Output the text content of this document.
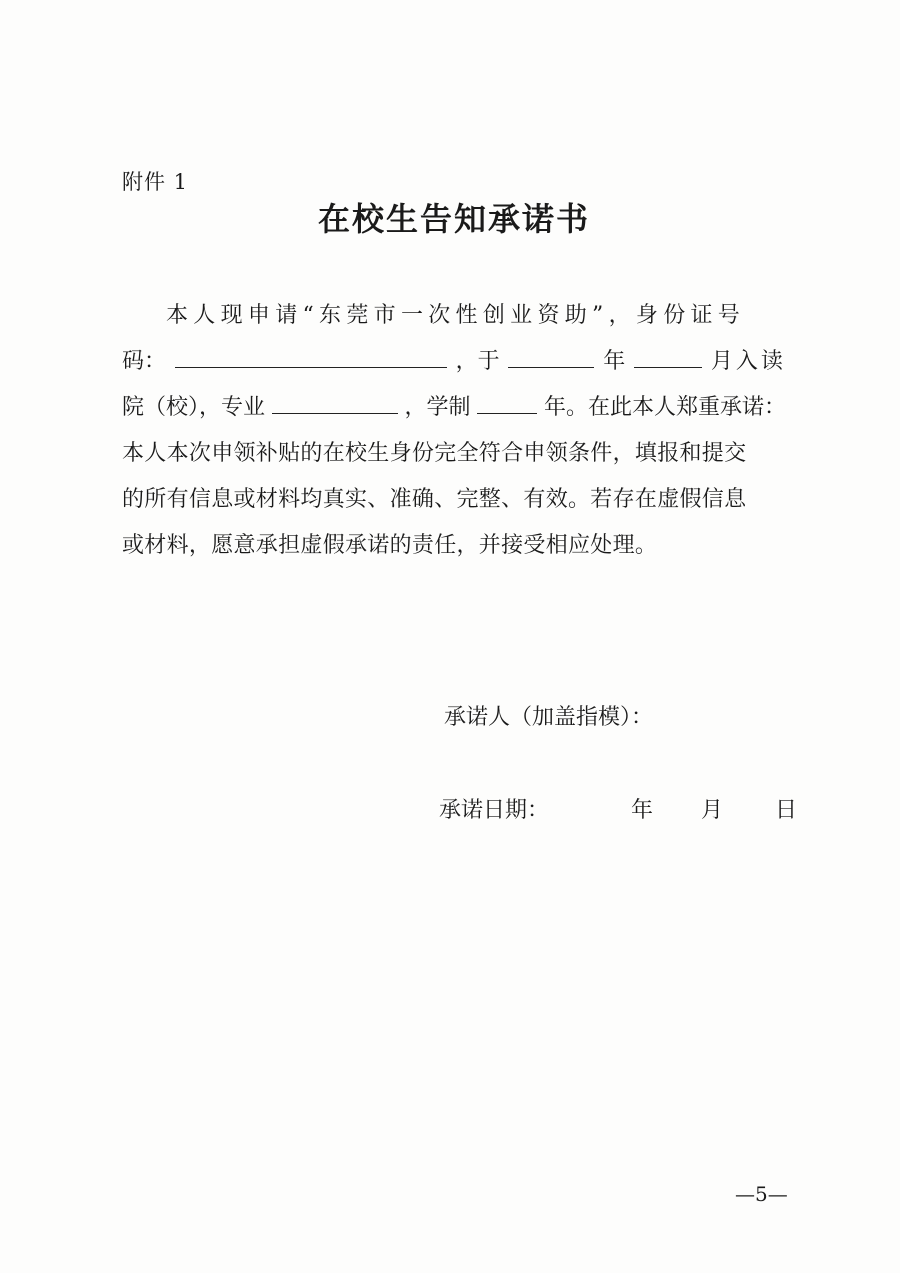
附件 1
在校生告知承诺书
本人现申请“东莞市一次性创业资助”，身份证号
码：	，于	年	月入读
院（校），专业	，学制	年。在此本人郑重承诺：
本人本次申领补贴的在校生身份完全符合申领条件，填报和提交
的所有信息或材料均真实、准确、完整、有效。若存在虚假信息
或材料，愿意承担虚假承诺的责任，并接受相应处理。
承诺人（加盖指模）：
承诺日期：	年 月 日
—5—
